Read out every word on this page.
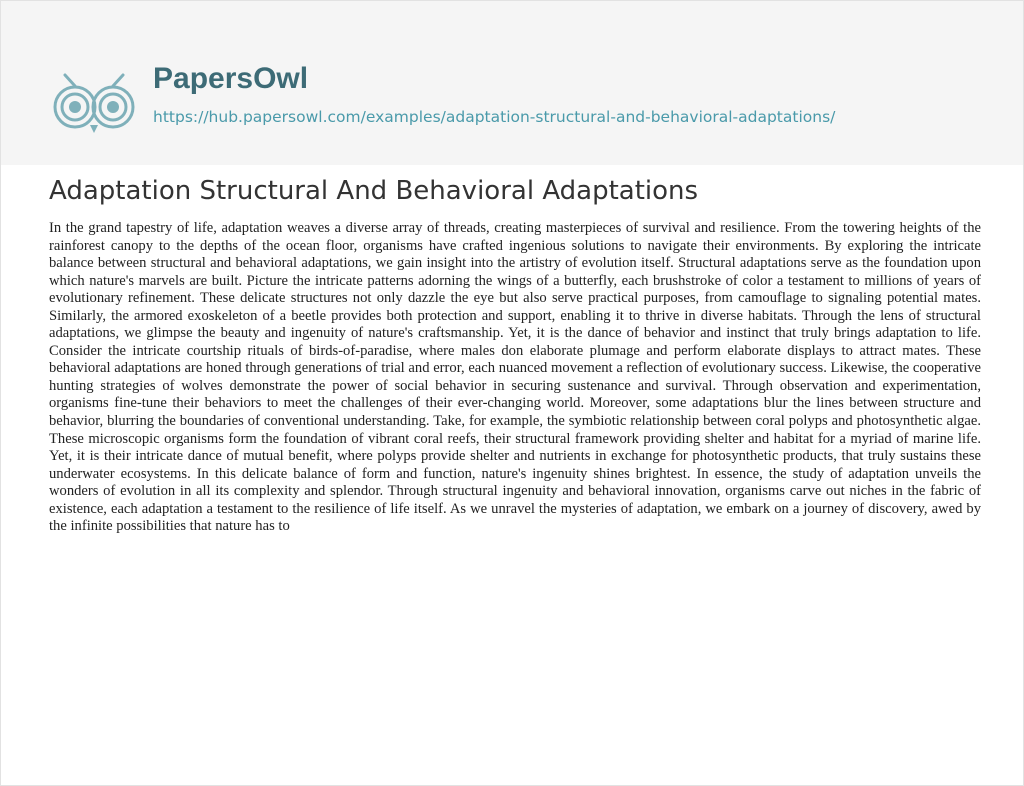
PapersOwl
https://hub.papersowl.com/examples/adaptation-structural-and-behavioral-adaptations/
Adaptation Structural And Behavioral Adaptations

In the grand tapestry of life, adaptation weaves a diverse array of threads, creating masterpieces of survival and resilience. From the towering heights of the rainforest canopy to the depths of the ocean floor, organisms have crafted ingenious solutions to navigate their environments. By exploring the intricate balance between structural and behavioral adaptations, we gain insight into the artistry of evolution itself. Structural adaptations serve as the foundation upon which nature's marvels are built. Picture the intricate patterns adorning the wings of a butterfly, each brushstroke of color a testament to millions of years of evolutionary refinement. These delicate structures not only dazzle the eye but also serve practical purposes, from camouflage to signaling potential mates. Similarly, the armored exoskeleton of a beetle provides both protection and support, enabling it to thrive in diverse habitats. Through the lens of structural adaptations, we glimpse the beauty and ingenuity of nature's craftsmanship. Yet, it is the dance of behavior and instinct that truly brings adaptation to life. Consider the intricate courtship rituals of birds-of-paradise, where males don elaborate plumage and perform elaborate displays to attract mates. These behavioral adaptations are honed through generations of trial and error, each nuanced movement a reflection of evolutionary success. Likewise, the cooperative hunting strategies of wolves demonstrate the power of social behavior in securing sustenance and survival. Through observation and experimentation, organisms fine-tune their behaviors to meet the challenges of their ever-changing world. Moreover, some adaptations blur the lines between structure and behavior, blurring the boundaries of conventional understanding. Take, for example, the symbiotic relationship between coral polyps and photosynthetic algae. These microscopic organisms form the foundation of vibrant coral reefs, their structural framework providing shelter and habitat for a myriad of marine life. Yet, it is their intricate dance of mutual benefit, where polyps provide shelter and nutrients in exchange for photosynthetic products, that truly sustains these underwater ecosystems. In this delicate balance of form and function, nature's ingenuity shines brightest. In essence, the study of adaptation unveils the wonders of evolution in all its complexity and splendor. Through structural ingenuity and behavioral innovation, organisms carve out niches in the fabric of existence, each adaptation a testament to the resilience of life itself. As we unravel the mysteries of adaptation, we embark on a journey of discovery, awed by the infinite possibilities that nature has to
